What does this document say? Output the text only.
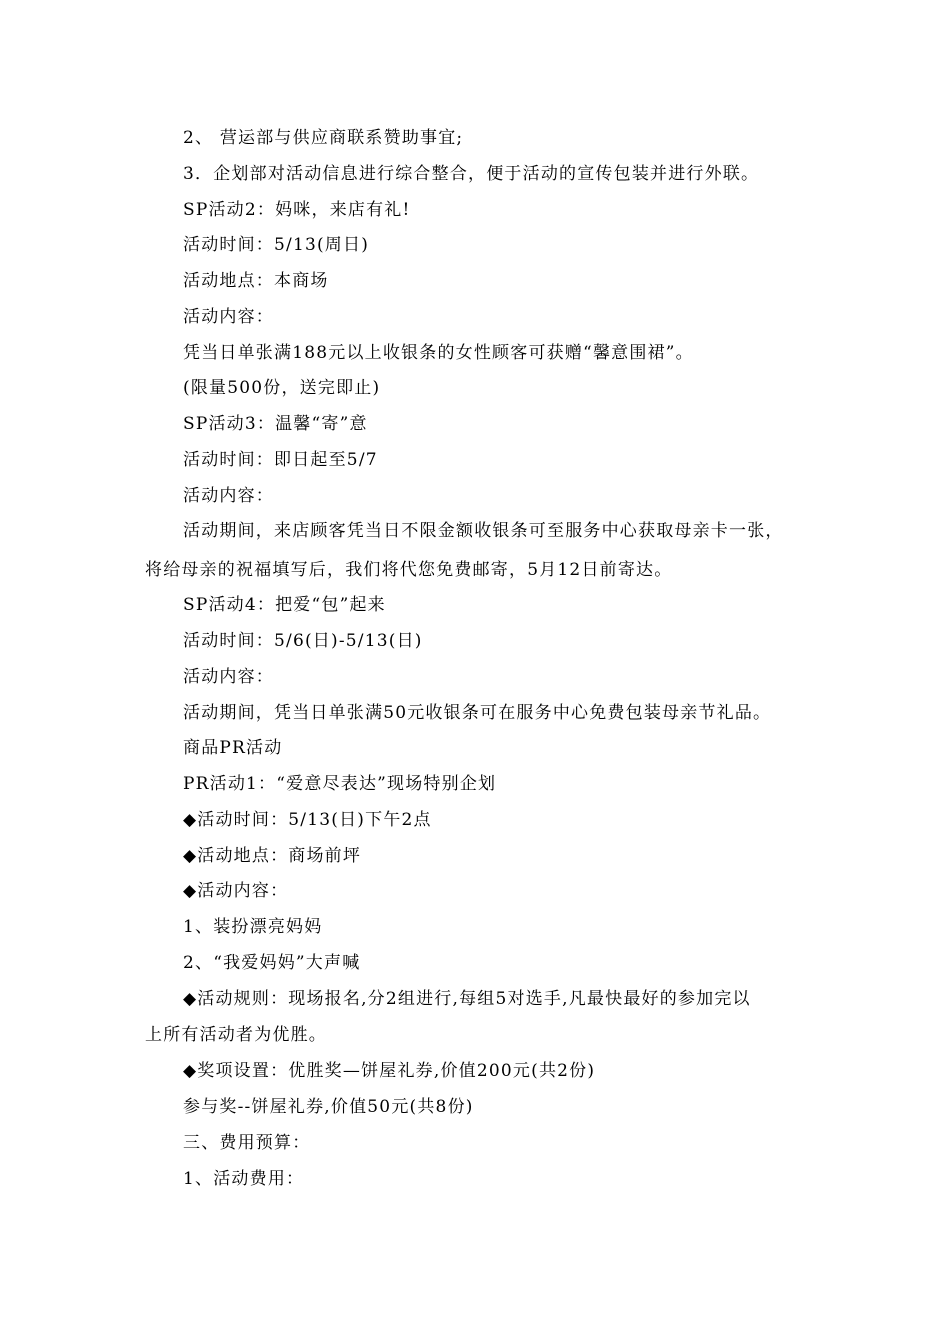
2、 营运部与供应商联系赞助事宜;
3．企划部对活动信息进行综合整合，便于活动的宣传包装并进行外联。
SP活动2：妈咪，来店有礼!
活动时间：5/13(周日)
活动地点：本商场
活动内容：
凭当日单张满188元以上收银条的女性顾客可获赠“馨意围裙”。
(限量500份，送完即止)
SP活动3：温馨“寄”意
活动时间：即日起至5/7
活动内容：
活动期间，来店顾客凭当日不限金额收银条可至服务中心获取母亲卡一张，
将给母亲的祝福填写后，我们将代您免费邮寄，5月12日前寄达。
SP活动4：把爱“包”起来
活动时间：5/6(日)-5/13(日)
活动内容：
活动期间，凭当日单张满50元收银条可在服务中心免费包装母亲节礼品。
商品PR活动
PR活动1：“爱意尽表达”现场特别企划
◆活动时间：5/13(日)下午2点
◆活动地点：商场前坪
◆活动内容：
1、装扮漂亮妈妈
2、“我爱妈妈”大声喊
◆活动规则：现场报名,分2组进行,每组5对选手,凡最快最好的参加完以
上所有活动者为优胜。
◆奖项设置：优胜奖—饼屋礼券,价值200元(共2份)
参与奖--饼屋礼券,价值50元(共8份)
三、费用预算：
1、活动费用：
